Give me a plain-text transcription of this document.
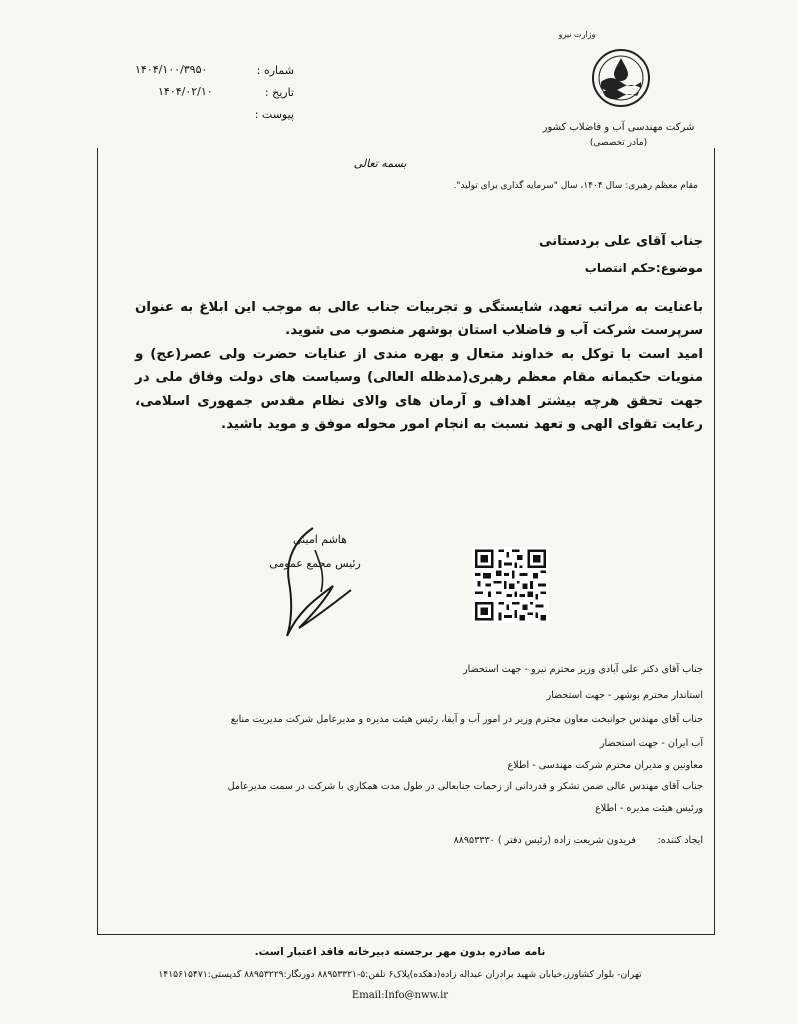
وزارت نیرو
شرکت مهندسی آب و فاضلاب کشور
(مادر تخصصی)
شماره :
۱۴۰۴/۱۰۰/۳۹۵۰
تاریخ :
۱۴۰۴/۰۲/۱۰
پیوست :
بسمه تعالی
مقام معظم رهبری: سال ۱۴۰۴، سال "سرمایه گذاری برای تولید".
جناب آقای علی بردستانی
موضوع:حکم انتصاب

باعنایت به مراتب تعهد، شایستگی و تجربیات جناب عالی به موجب این ابلاغ به عنوان سرپرست شرکت آب و فاضلاب استان بوشهر منصوب می شوید.

امید است با توکل به خداوند متعال و بهره مندی از عنایات حضرت ولی عصر(عج) و منویات حکیمانه مقام معظم رهبری(مدظله العالی) وسیاست های دولت وفاق ملی در جهت تحقق هرچه بیشتر اهداف و آرمان های والای نظام مقدس جمهوری اسلامی، رعایت تقوای الهی و تعهد نسبت به انجام امور محوله موفق و موید باشید.

هاشم امینی
رئیس مجمع عمومی
جناب آقای دکتر علی آبادی وزیر محترم نیرو - جهت استحضار
استاندار محترم بوشهر - جهت استحضار
جناب آقای مهندس جوانبخت معاون محترم وزیر در امور آب و آبفا، رئیس هیئت مدیره و مدیرعامل شرکت مدیریت منابع
آب ایران - جهت استحضار
معاونین و مدیران محترم شرکت مهندسی - اطلاع
جناب آقای مهندس عالی ضمن تشکر و قدردانی از زحمات جنابعالی در طول مدت همکاری با شرکت در سمت مدیرعامل
ورئیس هیئت مدیره - اطلاع
ایجاد کننده:
فریدون شریعت زاده (رئیس دفتر ) ۸۸۹۵۳۳۳۰
نامه صادره بدون مهر برجسته دبیرخانه فاقد اعتبار است.
تهران- بلوار کشاورز،خیابان شهید برادران عبداله زاده(دهکده)پلاک۶ تلفن:۵-۸۸۹۵۳۳۲۱ دورنگار:۸۸۹۵۳۲۲۹ کدپستی:۱۴۱۵۶۱۵۴۷۱
Email:Info@nww.ir
